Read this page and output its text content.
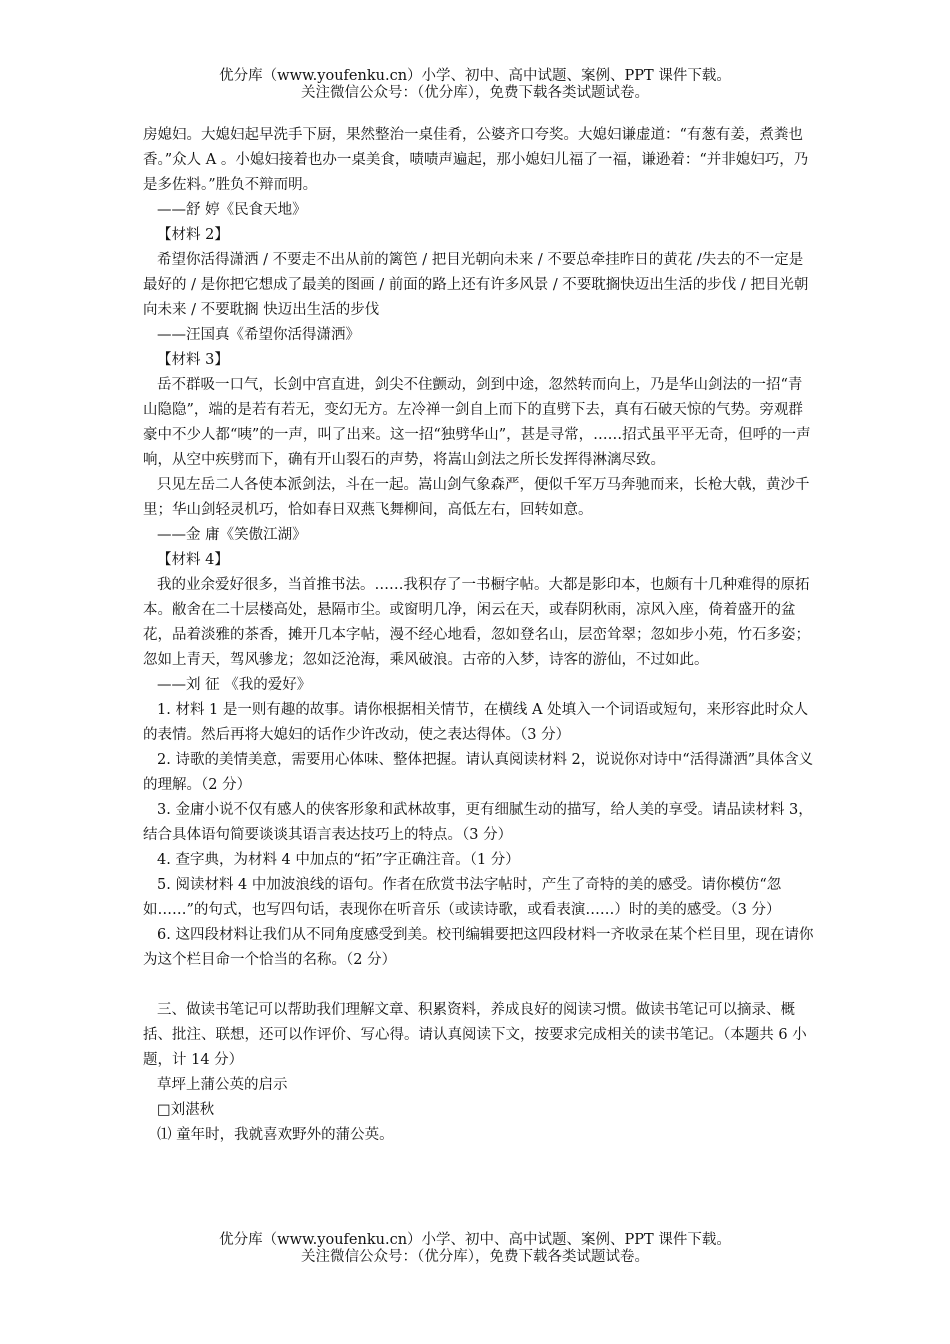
优分库（www.youfenku.cn）小学、初中、高中试题、案例、PPT 课件下载。
关注微信公众号：（优分库），免费下载各类试题试卷。

房媳妇。大媳妇起早洗手下厨，果然整治一桌佳肴，公婆齐口夸奖。大媳妇谦虚道：“有葱有姜，煮粪也香。”众人 A 。小媳妇接着也办一桌美食，啧啧声遍起，那小媳妇儿福了一福，谦逊着：“并非媳妇巧，乃是多佐料。”胜负不辩而明。

——舒 婷《民食天地》

【材料 2】

希望你活得潇洒 / 不要走不出从前的篱笆 / 把目光朝向未来 / 不要总牵挂昨日的黄花 /失去的不一定是最好的 / 是你把它想成了最美的图画 / 前面的路上还有许多风景 / 不要耽搁快迈出生活的步伐 / 把目光朝向未来 / 不要耽搁 快迈出生活的步伐

——汪国真《希望你活得潇洒》

【材料 3】

岳不群吸一口气，长剑中宫直进，剑尖不住颤动，剑到中途，忽然转而向上，乃是华山剑法的一招“青山隐隐”，端的是若有若无，变幻无方。左冷禅一剑自上而下的直劈下去，真有石破天惊的气势。旁观群豪中不少人都“咦”的一声，叫了出来。这一招“独劈华山”，甚是寻常，……招式虽平平无奇，但呼的一声响，从空中疾劈而下，确有开山裂石的声势，将嵩山剑法之所长发挥得淋漓尽致。

只见左岳二人各使本派剑法，斗在一起。嵩山剑气象森严，便似千军万马奔驰而来，长枪大戟，黄沙千里；华山剑轻灵机巧，恰如春日双燕飞舞柳间，高低左右，回转如意。

——金 庸《笑傲江湖》

【材料 4】

我的业余爱好很多，当首推书法。……我积存了一书橱字帖。大都是影印本，也颇有十几种难得的原拓本。敝舍在二十层楼高处，悬隔市尘。或窗明几净，闲云在天，或春阴秋雨，凉风入座，倚着盛开的盆花，品着淡雅的茶香，摊开几本字帖，漫不经心地看，忽如登名山，层峦耸翠；忽如步小苑，竹石多姿；忽如上青天，驾风骖龙；忽如泛沧海，乘风破浪。古帝的入梦，诗客的游仙，不过如此。

——刘 征 《我的爱好》

1. 材料 1 是一则有趣的故事。请你根据相关情节，在横线 A 处填入一个词语或短句，来形容此时众人的表情。然后再将大媳妇的话作少许改动，使之表达得体。（3 分）

2. 诗歌的美情美意，需要用心体味、整体把握。请认真阅读材料 2，说说你对诗中“活得潇洒”具体含义的理解。（2 分）

3. 金庸小说不仅有感人的侠客形象和武林故事，更有细腻生动的描写，给人美的享受。请品读材料 3，结合具体语句简要谈谈其语言表达技巧上的特点。（3 分）

4. 查字典，为材料 4 中加点的“拓”字正确注音。（1 分）

5. 阅读材料 4 中加波浪线的语句。作者在欣赏书法字帖时，产生了奇特的美的感受。请你模仿“忽如……”的句式，也写四句话，表现你在听音乐（或读诗歌，或看表演……）时的美的感受。（3 分）

6. 这四段材料让我们从不同角度感受到美。校刊编辑要把这四段材料一齐收录在某个栏目里，现在请你为这个栏目命一个恰当的名称。（2 分）

三、做读书笔记可以帮助我们理解文章、积累资料，养成良好的阅读习惯。做读书笔记可以摘录、概括、批注、联想，还可以作评价、写心得。请认真阅读下文，按要求完成相关的读书笔记。（本题共 6 小题，计 14 分）

草坪上蒲公英的启示

□刘湛秋

⑴ 童年时，我就喜欢野外的蒲公英。

优分库（www.youfenku.cn）小学、初中、高中试题、案例、PPT 课件下载。
关注微信公众号：（优分库），免费下载各类试题试卷。
